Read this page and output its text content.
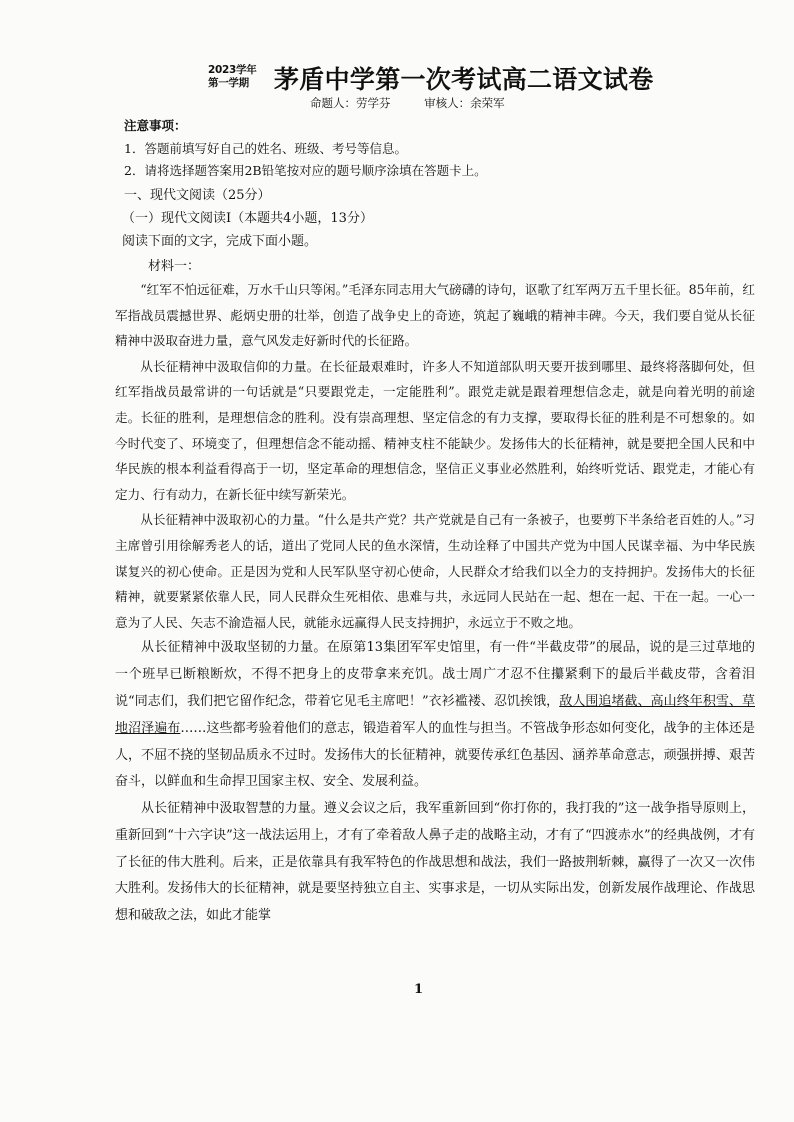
2023学年
第一学期	茅盾中学第一次考试高二语文试卷
命题人：劳学芬	审核人：余荣军
注意事项：
1．答题前填写好自己的姓名、班级、考号等信息。
2．请将选择题答案用2B铅笔按对应的题号顺序涂填在答题卡上。
一、现代文阅读（25分）
（一）现代文阅读Ⅰ（本题共4小题，13分）
阅读下面的文字，完成下面小题。
材料一：

“红军不怕远征难，万水千山只等闲。”毛泽东同志用大气磅礴的诗句，讴歌了红军两万五千里长征。85年前，红军指战员震撼世界、彪炳史册的壮举，创造了战争史上的奇迹，筑起了巍峨的精神丰碑。今天，我们要自觉从长征精神中汲取奋进力量，意气风发走好新时代的长征路。

从长征精神中汲取信仰的力量。在长征最艰难时，许多人不知道部队明天要开拔到哪里、最终将落脚何处，但红军指战员最常讲的一句话就是“只要跟党走，一定能胜利”。跟党走就是跟着理想信念走，就是向着光明的前途走。长征的胜利，是理想信念的胜利。没有崇高理想、坚定信念的有力支撑，要取得长征的胜利是不可想象的。如今时代变了、环境变了，但理想信念不能动摇、精神支柱不能缺少。发扬伟大的长征精神，就是要把全国人民和中华民族的根本利益看得高于一切，坚定革命的理想信念，坚信正义事业必然胜利，始终听党话、跟党走，才能心有定力、行有动力，在新长征中续写新荣光。

从长征精神中汲取初心的力量。“什么是共产党？共产党就是自己有一条被子，也要剪下半条给老百姓的人。”习主席曾引用徐解秀老人的话，道出了党同人民的鱼水深情，生动诠释了中国共产党为中国人民谋幸福、为中华民族谋复兴的初心使命。正是因为党和人民军队坚守初心使命，人民群众才给我们以全力的支持拥护。发扬伟大的长征精神，就要紧紧依靠人民，同人民群众生死相依、患难与共，永远同人民站在一起、想在一起、干在一起。一心一意为了人民、矢志不渝造福人民，就能永远赢得人民支持拥护，永远立于不败之地。

从长征精神中汲取坚韧的力量。在原第13集团军军史馆里，有一件“半截皮带”的展品，说的是三过草地的一个班早已断粮断炊，不得不把身上的皮带拿来充饥。战士周广才忍不住攥紧剩下的最后半截皮带，含着泪说“同志们，我们把它留作纪念，带着它见毛主席吧！”衣衫褴褛、忍饥挨饿，敌人围追堵截、高山终年积雪、草地沼泽遍布……这些都考验着他们的意志，锻造着军人的血性与担当。不管战争形态如何变化，战争的主体还是人，不屈不挠的坚韧品质永不过时。发扬伟大的长征精神，就要传承红色基因、涵养革命意志，顽强拼搏、艰苦奋斗，以鲜血和生命捍卫国家主权、安全、发展利益。

从长征精神中汲取智慧的力量。遵义会议之后，我军重新回到“你打你的，我打我的”这一战争指导原则上，重新回到“十六字诀”这一战法运用上，才有了牵着敌人鼻子走的战略主动，才有了“四渡赤水”的经典战例，才有了长征的伟大胜利。后来，正是依靠具有我军特色的作战思想和战法，我们一路披荆斩棘，赢得了一次又一次伟大胜利。发扬伟大的长征精神，就是要坚持独立自主、实事求是，一切从实际出发，创新发展作战理论、作战思想和破敌之法，如此才能掌

1
